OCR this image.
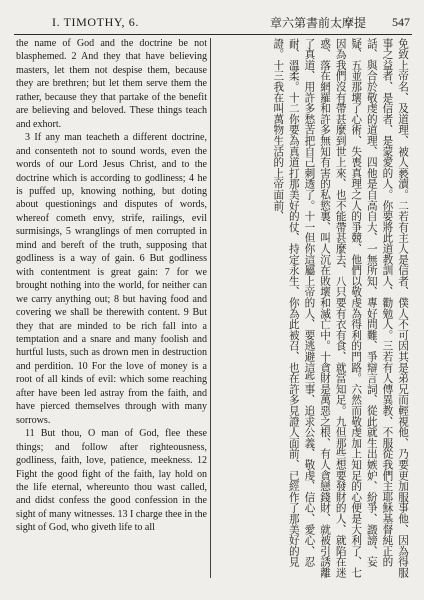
I. TIMOTHY, 6.	章六第書前太摩提 547

the name of God and the doctrine be not blasphemed. 2 And they that have believing masters, let them not despise them, because they are brethren; but let them serve them the rather, because they that partake of the benefit are believing and beloved. These things teach and exhort.

3 If any man teacheth a different doctrine, and consenteth not to sound words, even the words of our Lord Jesus Christ, and to the doctrine which is according to godliness; 4 he is puffed up, knowing nothing, but doting about questionings and disputes of words, whereof cometh envy, strife, railings, evil surmisings, 5 wranglings of men corrupted in mind and bereft of the truth, supposing that godliness is a way of gain. 6 But godliness with contentment is great gain: 7 for we brought nothing into the world, for neither can we carry anything out; 8 but having food and covering we shall be therewith content. 9 But they that are minded to be rich fall into a temptation and a snare and many foolish and hurtful lusts, such as drown men in destruction and perdition. 10 For the love of money is a root of all kinds of evil: which some reaching after have been led astray from the faith, and have pierced themselves through with many sorrows.

11 But thou, O man of God, flee these things; and follow after righteousness, godliness, faith, love, patience, meekness. 12 Fight the good fight of the faith, lay hold on the life eternal, whereunto thou wast called, and didst confess the good confession in the sight of many witnesses. 13 I charge thee in the sight of God, who giveth life to all	免致上帝名、及道理、被人褻瀆。二若有主人是信者、僕人不可因其是弟兄而輕視他、乃要更加服事他、因為得服事之益者、是信者、是蒙愛的人。你要將此道教訓人、勸勉人。三若有人傳異教、不服從我們主耶穌基督純正的話、與合於敬虔的道理、四他是自高自大、一無所知、專好問難、爭辯言詞、從此就生出嫉妒、紛爭、譭謗、妄疑、五並那壞了心術、失喪真理之人的爭競、他們以敬虔為得利的門路。六然而敬虔加上知足的心便是大利了、七因為我們沒有帶甚麼到世上來、也不能帶甚麼去、八只要有衣有食、就當知足。九但那些想要發財的人、就陷在迷惑、落在網羅和許多無知有害的私慾裏、叫人沉在敗壞和滅亡中。十貪財是萬惡之根、有人貪戀錢財、就被引誘離了真道、用許多愁苦把自己刺透了。十一但你這屬上帝的人、要逃避這些事、追求公義、敬虔、信心、愛心、忍耐、溫柔。十二你要為真道打那美好的仗、持定永生、你為此被召、也在許多見證人面前、已經作了那美好的見證。十三我在叫萬物生活的上帝面前、
